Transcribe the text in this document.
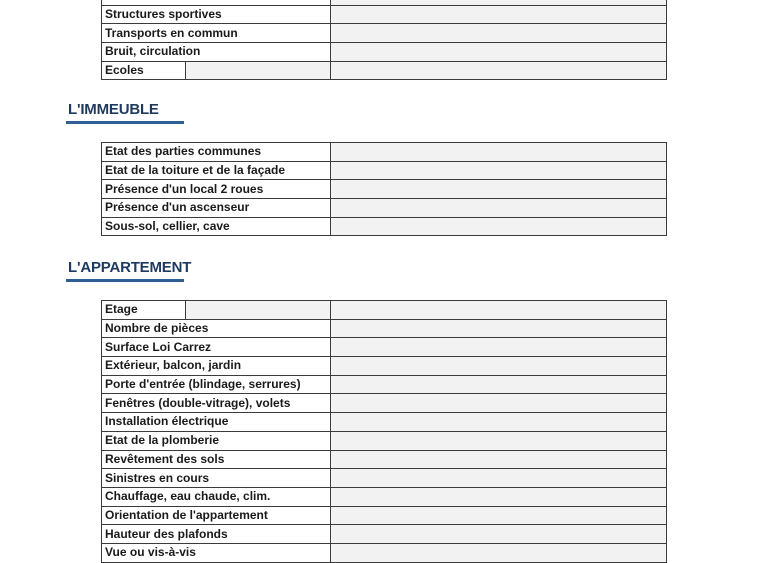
Structures sportives		
Transports en commun		
Bruit, circulation		
Ecoles		
L'IMMEUBLE
Etat des parties communes	
Etat de la toiture et de la façade	
Présence d'un local 2 roues	
Présence d'un ascenseur	
Sous-sol, cellier, cave	
L'APPARTEMENT
Etage		
Nombre de pièces		
Surface Loi Carrez		
Extérieur, balcon, jardin		
Porte d'entrée (blindage, serrures)		
Fenêtres (double-vitrage), volets		
Installation électrique		
Etat de la plomberie		
Revêtement des sols		
Sinistres en cours		
Chauffage, eau chaude, clim.		
Orientation de l'appartement		
Hauteur des plafonds		
Vue ou vis-à-vis		
